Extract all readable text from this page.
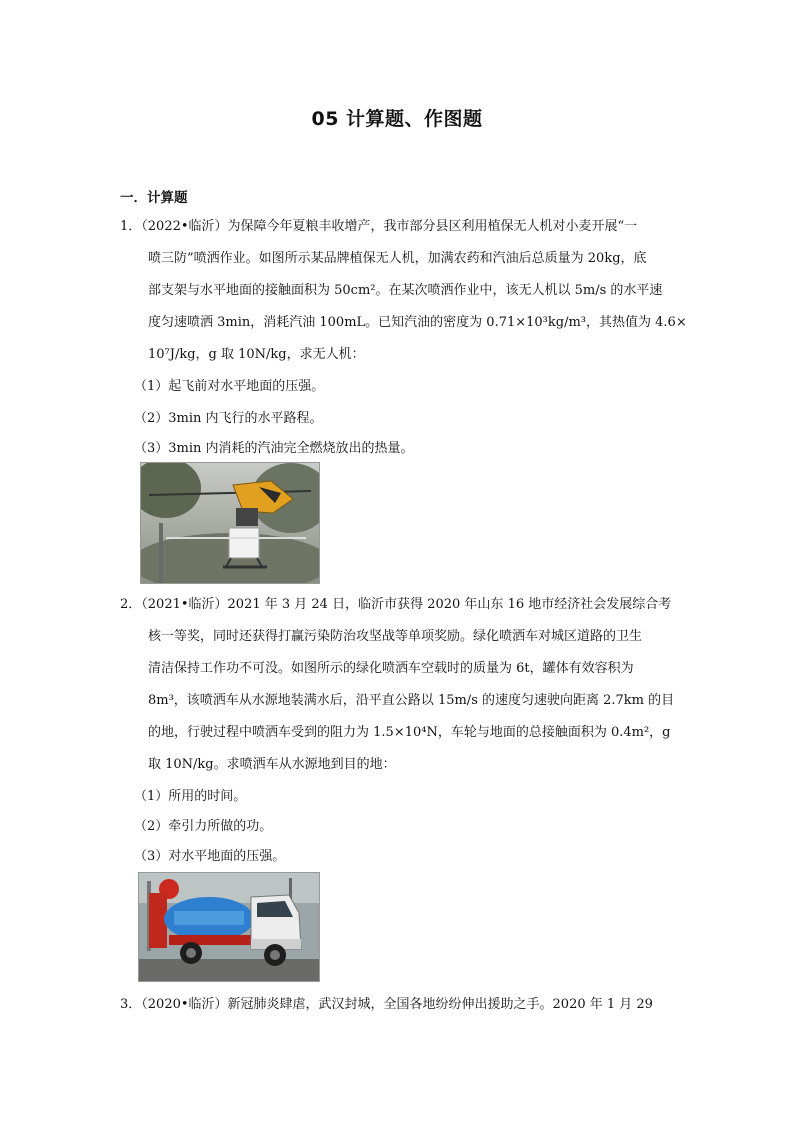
05 计算题、作图题
一．计算题
1．（2022•临沂）为保障今年夏粮丰收增产，我市部分县区利用植保无人机对小麦开展“一
喷三防”喷洒作业。如图所示某品牌植保无人机，加满农药和汽油后总质量为 20kg，底
部支架与水平地面的接触面积为 50cm²。在某次喷洒作业中，该无人机以 5m/s 的水平速
度匀速喷洒 3min，消耗汽油 100mL。已知汽油的密度为 0.71×10³kg/m³，其热值为 4.6×
10⁷J/kg，g 取 10N/kg，求无人机：
（1）起飞前对水平地面的压强。
（2）3min 内飞行的水平路程。
（3）3min 内消耗的汽油完全燃烧放出的热量。
2．（2021•临沂）2021 年 3 月 24 日，临沂市获得 2020 年山东 16 地市经济社会发展综合考
核一等奖，同时还获得打赢污染防治攻坚战等单项奖励。绿化喷洒车对城区道路的卫生
清洁保持工作功不可没。如图所示的绿化喷洒车空载时的质量为 6t，罐体有效容积为
8m³，该喷洒车从水源地装满水后，沿平直公路以 15m/s 的速度匀速驶向距离 2.7km 的目
的地，行驶过程中喷洒车受到的阻力为 1.5×10⁴N，车轮与地面的总接触面积为 0.4m²，g
取 10N/kg。求喷洒车从水源地到目的地：
（1）所用的时间。
（2）牵引力所做的功。
（3）对水平地面的压强。
3．（2020•临沂）新冠肺炎肆虐，武汉封城，全国各地纷纷伸出援助之手。2020 年 1 月 29
